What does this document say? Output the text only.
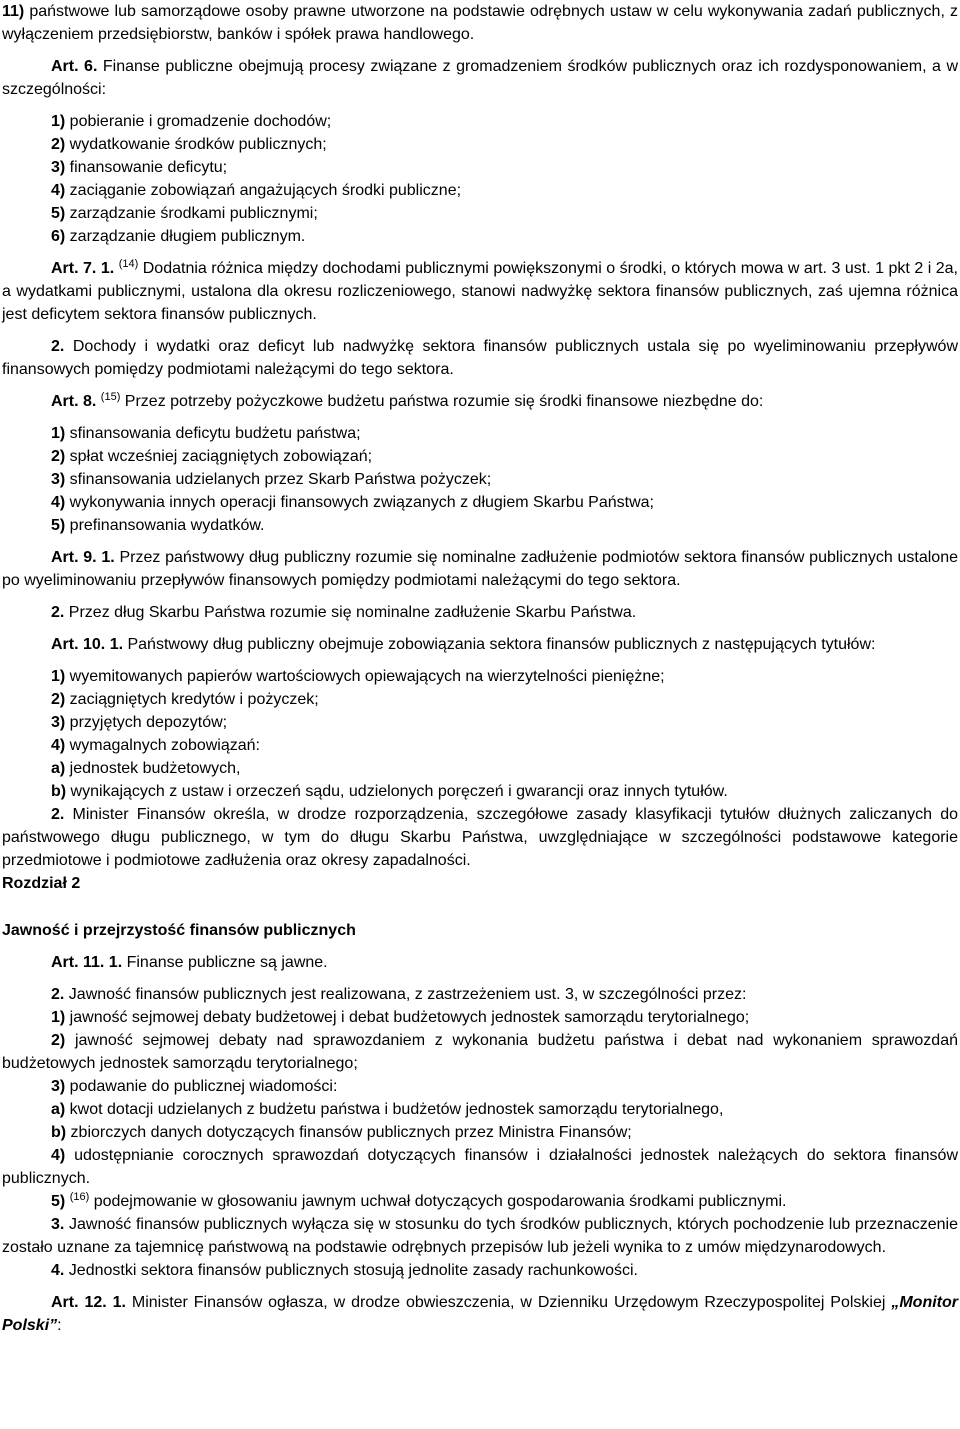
11) państwowe lub samorządowe osoby prawne utworzone na podstawie odrębnych ustaw w celu wykonywania zadań publicznych, z wyłączeniem przedsiębiorstw, banków i spółek prawa handlowego.

Art. 6. Finanse publiczne obejmują procesy związane z gromadzeniem środków publicznych oraz ich rozdysponowaniem, a w szczególności:

1) pobieranie i gromadzenie dochodów;

2) wydatkowanie środków publicznych;

3) finansowanie deficytu;

4) zaciąganie zobowiązań angażujących środki publiczne;

5) zarządzanie środkami publicznymi;

6) zarządzanie długiem publicznym.

Art. 7. 1. $^{(14)}$ Dodatnia różnica między dochodami publicznymi powiększonymi o środki, o których mowa w art. 3 ust. 1 pkt 2 i 2a, a wydatkami publicznymi, ustalona dla okresu rozliczeniowego, stanowi nadwyżkę sektora finansów publicznych, zaś ujemna różnica jest deficytem sektora finansów publicznych.

2. Dochody i wydatki oraz deficyt lub nadwyżkę sektora finansów publicznych ustala się po wyeliminowaniu przepływów finansowych pomiędzy podmiotami należącymi do tego sektora.

Art. 8. $^{(15)}$ Przez potrzeby pożyczkowe budżetu państwa rozumie się środki finansowe niezbędne do:

1) sfinansowania deficytu budżetu państwa;

2) spłat wcześniej zaciągniętych zobowiązań;

3) sfinansowania udzielanych przez Skarb Państwa pożyczek;

4) wykonywania innych operacji finansowych związanych z długiem Skarbu Państwa;

5) prefinansowania wydatków.

Art. 9. 1. Przez państwowy dług publiczny rozumie się nominalne zadłużenie podmiotów sektora finansów publicznych ustalone po wyeliminowaniu przepływów finansowych pomiędzy podmiotami należącymi do tego sektora.

2. Przez dług Skarbu Państwa rozumie się nominalne zadłużenie Skarbu Państwa.

Art. 10. 1. Państwowy dług publiczny obejmuje zobowiązania sektora finansów publicznych z następujących tytułów:

1) wyemitowanych papierów wartościowych opiewających na wierzytelności pieniężne;

2) zaciągniętych kredytów i pożyczek;

3) przyjętych depozytów;

4) wymagalnych zobowiązań:

a) jednostek budżetowych,

b) wynikających z ustaw i orzeczeń sądu, udzielonych poręczeń i gwarancji oraz innych tytułów.

2. Minister Finansów określa, w drodze rozporządzenia, szczegółowe zasady klasyfikacji tytułów dłużnych zaliczanych do państwowego długu publicznego, w tym do długu Skarbu Państwa, uwzględniające w szczególności podstawowe kategorie przedmiotowe i podmiotowe zadłużenia oraz okresy zapadalności.

Rozdział 2

Jawność i przejrzystość finansów publicznych

Art. 11. 1. Finanse publiczne są jawne.

2. Jawność finansów publicznych jest realizowana, z zastrzeżeniem ust. 3, w szczególności przez:

1) jawność sejmowej debaty budżetowej i debat budżetowych jednostek samorządu terytorialnego;

2) jawność sejmowej debaty nad sprawozdaniem z wykonania budżetu państwa i debat nad wykonaniem sprawozdań budżetowych jednostek samorządu terytorialnego;

3) podawanie do publicznej wiadomości:

a) kwot dotacji udzielanych z budżetu państwa i budżetów jednostek samorządu terytorialnego,

b) zbiorczych danych dotyczących finansów publicznych przez Ministra Finansów;

4) udostępnianie corocznych sprawozdań dotyczących finansów i działalności jednostek należących do sektora finansów publicznych.

5) $^{(16)}$ podejmowanie w głosowaniu jawnym uchwał dotyczących gospodarowania środkami publicznymi.

3. Jawność finansów publicznych wyłącza się w stosunku do tych środków publicznych, których pochodzenie lub przeznaczenie zostało uznane za tajemnicę państwową na podstawie odrębnych przepisów lub jeżeli wynika to z umów międzynarodowych.

4. Jednostki sektora finansów publicznych stosują jednolite zasady rachunkowości.

Art. 12. 1. Minister Finansów ogłasza, w drodze obwieszczenia, w Dzienniku Urzędowym Rzeczypospolitej Polskiej „Monitor Polski”:
